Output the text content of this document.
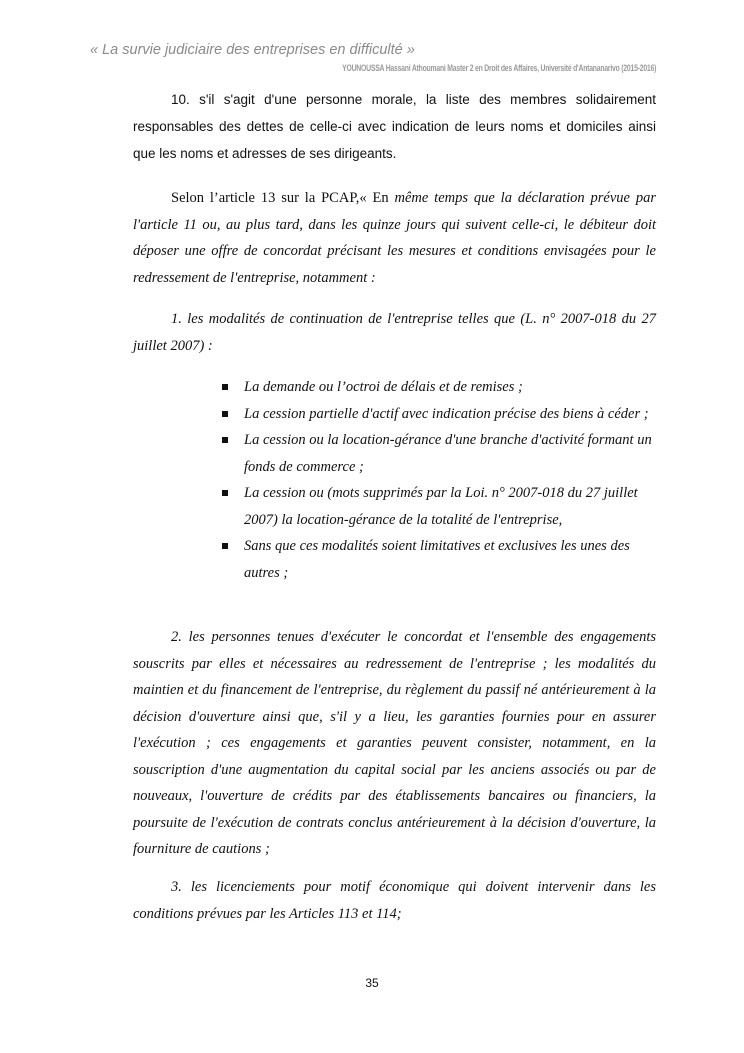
« La survie judiciaire des entreprises en difficulté »
YOUNOUSSA Hassani Athoumani Master 2 en Droit des Affaires, Université d'Antananarivo (2015-2016)

10. s'il s'agit d'une personne morale, la liste des membres solidairement responsables des dettes de celle-ci avec indication de leurs noms et domiciles ainsi que les noms et adresses de ses dirigeants.

Selon l’article 13 sur la PCAP,« En même temps que la déclaration prévue par l'article 11 ou, au plus tard, dans les quinze jours qui suivent celle-ci, le débiteur doit déposer une offre de concordat précisant les mesures et conditions envisagées pour le redressement de l'entreprise, notamment :

1. les modalités de continuation de l'entreprise telles que (L. n° 2007-018 du 27 juillet 2007) :

La demande ou l’octroi de délais et de remises ;
La cession partielle d'actif avec indication précise des biens à céder ;
La cession ou la location-gérance d'une branche d'activité formant un fonds de commerce ;
La cession ou (mots supprimés par la Loi. n° 2007-018 du 27 juillet 2007) la location-gérance de la totalité de l'entreprise,
Sans que ces modalités soient limitatives et exclusives les unes des autres ;

2. les personnes tenues d'exécuter le concordat et l'ensemble des engagements souscrits par elles et nécessaires au redressement de l'entreprise ; les modalités du maintien et du financement de l'entreprise, du règlement du passif né antérieurement à la décision d'ouverture ainsi que, s'il y a lieu, les garanties fournies pour en assurer l'exécution ; ces engagements et garanties peuvent consister, notamment, en la souscription d'une augmentation du capital social par les anciens associés ou par de nouveaux, l'ouverture de crédits par des établissements bancaires ou financiers, la poursuite de l'exécution de contrats conclus antérieurement à la décision d'ouverture, la fourniture de cautions ;

3. les licenciements pour motif économique qui doivent intervenir dans les conditions prévues par les Articles 113 et 114;

35
